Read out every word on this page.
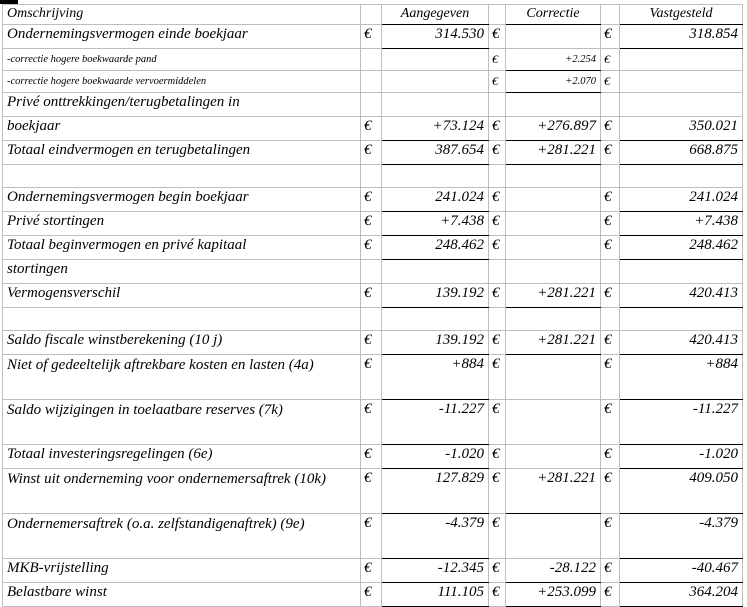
Omschrijving		Aangegeven		Correctie		Vastgesteld
Ondernemingsvermogen einde boekjaar	€	314.530	€		€	318.854
-correctie hogere boekwaarde pand			€	+2.254	€	
-correctie hogere boekwaarde vervoermiddelen			€	+2.070	€	
Privé onttrekkingen/terugbetalingen in						
boekjaar	€	+73.124	€	+276.897	€	350.021
Totaal eindvermogen en terugbetalingen	€	387.654	€	+281.221	€	668.875

Ondernemingsvermogen begin boekjaar	€	241.024	€		€	241.024
Privé stortingen	€	+7.438	€		€	+7.438
Totaal beginvermogen en privé kapitaal	€	248.462	€		€	248.462
stortingen						
Vermogensverschil	€	139.192	€	+281.221	€	420.413

Saldo fiscale winstberekening (10 j)	€	139.192	€	+281.221	€	420.413
Niet of gedeeltelijk aftrekbare kosten en lasten (4a)	€	+884	€		€	+884
Saldo wijzigingen in toelaatbare reserves (7k)	€	-11.227	€		€	-11.227
Totaal investeringsregelingen (6e)	€	-1.020	€		€	-1.020
Winst uit onderneming voor ondernemersaftrek (10k)	€	127.829	€	+281.221	€	409.050
Ondernemersaftrek (o.a. zelfstandigenaftrek) (9e)	€	-4.379	€		€	-4.379
MKB-vrijstelling	€	-12.345	€	-28.122	€	-40.467
Belastbare winst	€	111.105	€	+253.099	€	364.204
